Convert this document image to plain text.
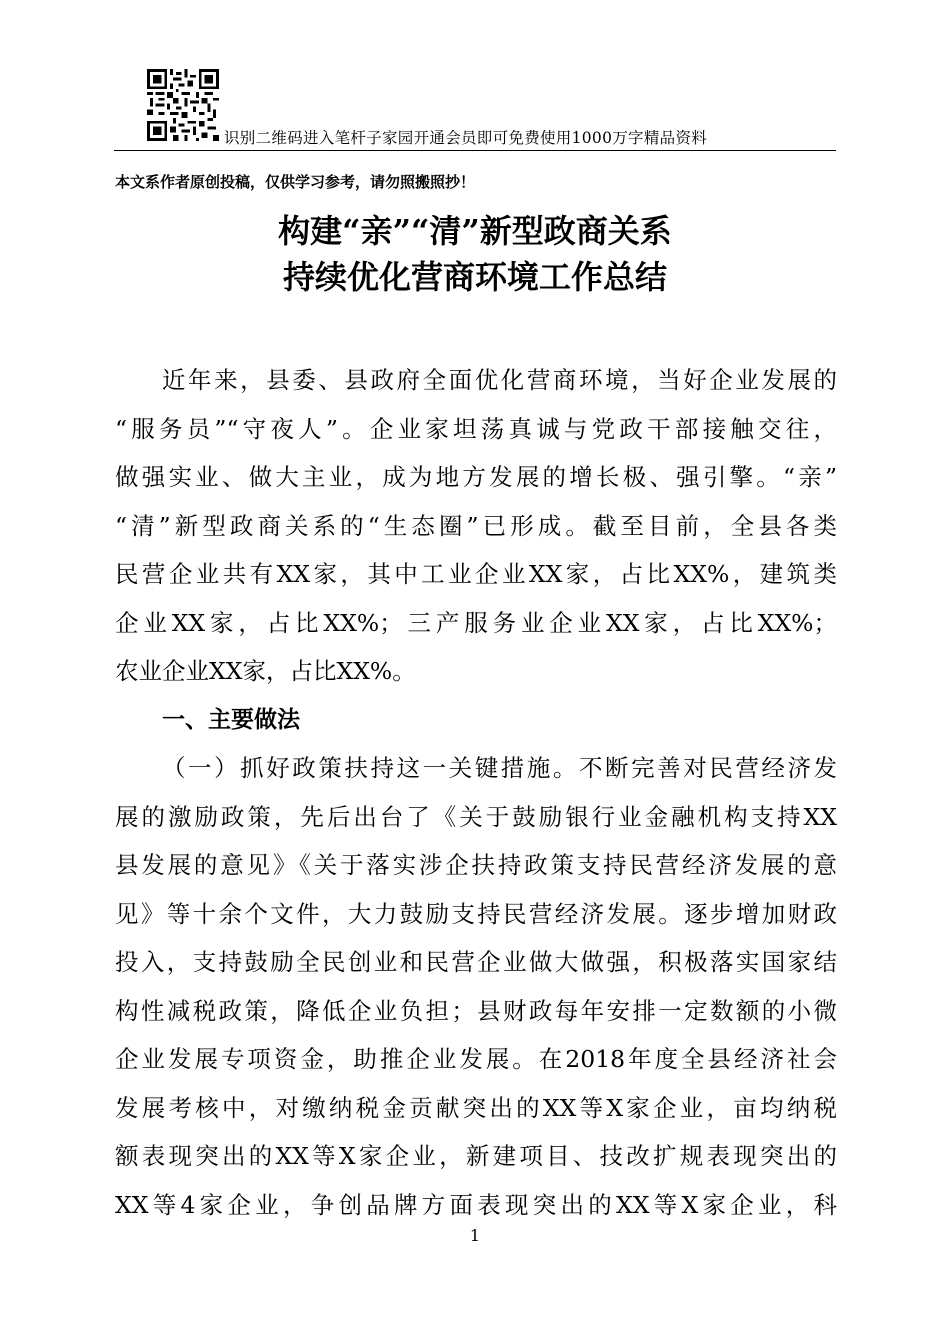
识别二维码进入笔杆子家园开通会员即可免费使用1000万字精品资料
本文系作者原创投稿，仅供学习参考，请勿照搬照抄！
构建“亲”“清”新型政商关系
持续优化营商环境工作总结
近年来，县委、县政府全面优化营商环境，当好企业发展的
“服务员”“守夜人”。企业家坦荡真诚与党政干部接触交往，
做强实业、做大主业，成为地方发展的增长极、强引擎。“亲”
“清”新型政商关系的“生态圈”已形成。截至目前，全县各类
民营企业共有XX家，其中工业企业XX家，占比XX%，建筑类
企业XX家，占比XX%；三产服务业企业XX家，占比XX%；
农业企业XX家，占比XX%。
一、主要做法
（一）抓好政策扶持这一关键措施。不断完善对民营经济发
展的激励政策，先后出台了《关于鼓励银行业金融机构支持XX
县发展的意见》《关于落实涉企扶持政策支持民营经济发展的意
见》等十余个文件，大力鼓励支持民营经济发展。逐步增加财政
投入，支持鼓励全民创业和民营企业做大做强，积极落实国家结
构性减税政策，降低企业负担；县财政每年安排一定数额的小微
企业发展专项资金，助推企业发展。在2018年度全县经济社会
发展考核中，对缴纳税金贡献突出的XX等X家企业，亩均纳税
额表现突出的XX等X家企业，新建项目、技改扩规表现突出的
XX等4家企业，争创品牌方面表现突出的XX等X家企业，科
1
